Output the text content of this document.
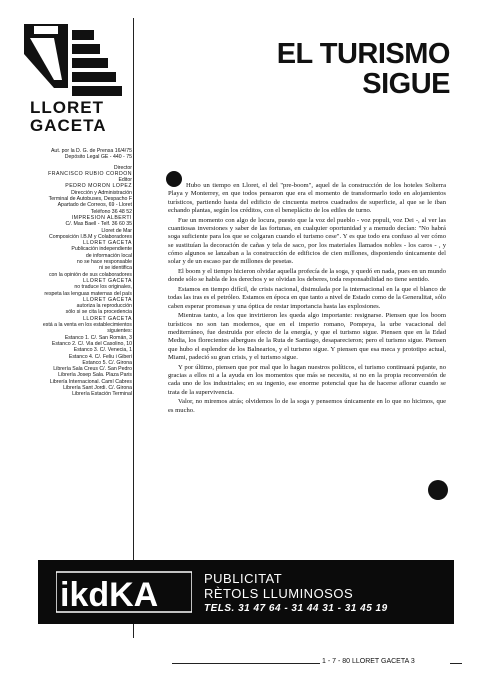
LLORET

GACETA

Aut. por la D. G. de Prensa 16/4/75

Depósito Legal GE - 440 - 75

Director

FRANCISCO RUBIO CORDON

Editor

PEDRO MORON LOPEZ

Dirección y Administración

Terminal de Autobuses, Despacho F

Apartado de Correos, 69 - Lloret

Teléfono 36 48 52

IMPRESION ALBERTI

C/. Mas Baell - Telf. 36 60 35

Lloret de Mar

Composición I.B.M y Colaboradores

LLORET GACETA

Publicación independiente

de información local

no se hace responsable

ni se identifica

con la opinión de sus colaboradores

LLORET GACETA

no traduce los originales,

respeta las lenguas maternas del país

LLORET GACETA

autoriza la reproducción

sólo si se cita la procedencia

LLORET GACETA

está a la venta en los establecimientos

siguientes:

Estanco 1. C/. San Román, 3

Estanco 2. C/. Via del Casolino, 10

Estanco 3. C/. Venecia, 1

Estanco 4. C/. Feliu i Giberi

Estanco 5. C/. Girona

Librería Sala Creus C/. San Pedro

Librería Josep Sala. Plaza Paris

Librería Internacional. Camí Cabres

Librería Sant Jordi. C/. Girona

Librería Estación Terminal

EL TURISMO
SIGUE

Hubo un tiempo en Lloret, el del "pre-boom", aquel de la construcción de los hoteles Solterra Playa y Monterrey, en que todos pensaron que era el momento de transformarlo todo en alojamientos turísticos, partiendo hasta del edificio de cincuenta metros cuadrados de superficie, al que se le iban echando plantas, según los créditos, con el beneplácito de los ediles de turno.

Fue un momento con algo de locura, puesto que la voz del pueblo - voz populi, voz Dei -, al ver las cuantiosas inversiones y saber de las fortunas, en cualquier oportunidad y a menudo decían: "No habrá soga suficiente para los que se colgaran cuando el turismo cese". Y es que todo era confuso al ver cómo se sustituían la decoración de cañas y tela de saco, por los materiales llamados nobles - los caros - , y cómo algunos se lanzaban a la construcción de edificios de cien millones, disponiendo únicamente del solar y de un escaso par de millones de pesetas.

El boom y el tiempo hicieron olvidar aquella profecía de la soga, y quedó en nada, pues en un mundo donde sólo se habla de los derechos y se olvidan los deberes, toda responsabilidad no tiene sentido.

Estamos en tiempo difícil, de crisis nacional, disimulada por la internacional en la que el blanco de todas las iras es el petróleo. Estamos en época en que tanto a nivel de Estado como de la Generalitat, sólo caben esperar promesas y una óptica de restar importancia hasta las explosiones.

Mientras tanto, a los que invirtieron les queda algo importante: resignarse. Piensen que los boom turísticos no son tan modernos, que en el imperio romano, Pompeya, la urbe vacacional del mediterráneo, fue destruida por efecto de la energía, y que el turismo sigue. Piensen que en la Edad Media, los florecientes albergues de la Ruta de Santiago, desaparecieron; pero el turismo sigue. Piensen que hubo el esplendor de los Balnearios, y el turismo sigue. Y piensen que esa meca y prototipo actual, Miami, padeció su gran crisis, y el turismo sigue.

Y por último, piensen que por mal que lo hagan nuestros políticos, el turismo continuará pujante, no gracias a ellos ni a la ayuda en los momentos que más se necesita, si no en la propia reconversión de cada uno de los industriales; en su ingenio, ese enorme potencial que ha de hacerse aflorar cuando se trata de la supervivencia.

Valor, no miremos atrás; olvidemos lo de la soga y pensemos únicamente en lo que no hicimos, que es mucho.

ikdKA	PUBLICITAT

RÈTOLS LLUMINOSOS

TELS. 31 47 64 - 31 44 31 - 31 45 19

1 - 7 - 80 LLORET GACETA 3
